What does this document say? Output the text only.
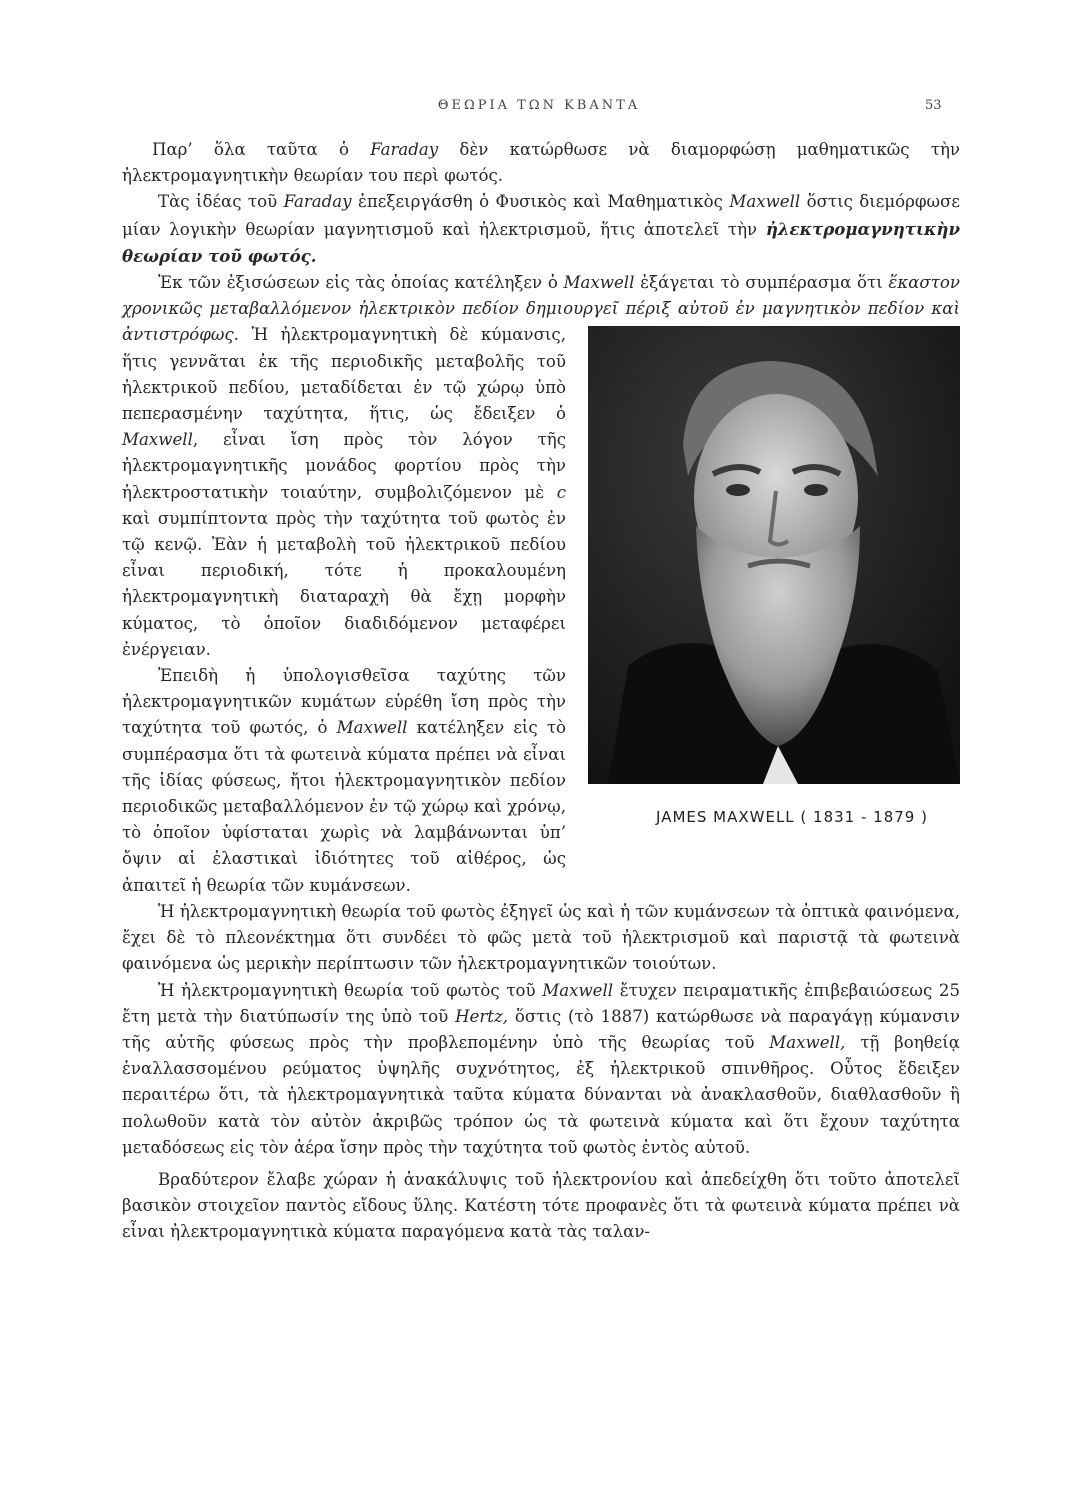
ΘΕΩΡΙΑ ΤΩΝ ΚΒΑΝΤΑ	53

Παρ’ ὅλα ταῦτα ὁ Faraday δὲν κατώρθωσε νὰ διαμορφώσῃ μαθηματικῶς τὴν ἠλεκτρομαγνητικὴν θεωρίαν του περὶ φωτός.

Τὰς ἰδέας τοῦ Faraday ἐπεξειργάσθη ὁ Φυσικὸς καὶ Μαθηματικὸς Maxwell ὅστις διεμόρφωσε μίαν λογικὴν θεωρίαν μαγνητισμοῦ καὶ ἠλεκτρισμοῦ, ἥτις ἀποτελεῖ τὴν ἠλεκτρομαγνητικὴν θεωρίαν τοῦ φωτός.

Ἐκ τῶν ἐξισώσεων εἰς τὰς ὁποίας κατέληξεν ὁ Maxwell ἐξάγεται τὸ συμπέρασμα ὅτι ἕκαστον χρονικῶς μεταβαλλόμενον ἠλεκτρικὸν πεδίον δημιουργεῖ πέριξ αὐτοῦ ἐν μαγνητικὸν πεδίον καὶ ἀντιστρόφως.
JAMES MAXWELL ( 1831 - 1879 )
Ἡ ἠλεκτρομαγνητικὴ δὲ κύμανσις, ἥτις γεννᾶται ἐκ τῆς περιοδικῆς μεταβολῆς τοῦ ἠλεκτρικοῦ πεδίου, μεταδίδεται ἐν τῷ χώρῳ ὑπὸ πεπερασμένην ταχύτητα, ἥτις, ὡς ἔδειξεν ὁ Maxwell, εἶναι ἴση πρὸς τὸν λόγον τῆς ἠλεκτρομαγνητικῆς μονάδος φορτίου πρὸς τὴν ἠλεκτροστατικὴν τοιαύτην, συμβολιζόμενον μὲ c καὶ συμπίπτοντα πρὸς τὴν ταχύτητα τοῦ φωτὸς ἐν τῷ κενῷ. Ἐὰν ἡ μεταβολὴ τοῦ ἠλεκτρικοῦ πεδίου εἶναι περιοδική, τότε ἡ προκαλουμένη ἠλεκτρομαγνητικὴ διαταραχὴ θὰ ἔχῃ μορφὴν κύματος, τὸ ὁποῖον διαδιδόμενον μεταφέρει ἐνέργειαν.

Ἐπειδὴ ἡ ὑπολογισθεῖσα ταχύτης τῶν ἠλεκτρομαγνητικῶν κυμάτων εὑρέθη ἴση πρὸς τὴν ταχύτητα τοῦ φωτός, ὁ Maxwell κατέληξεν εἰς τὸ συμπέρασμα ὅτι τὰ φωτεινὰ κύματα πρέπει νὰ εἶναι τῆς ἰδίας φύσεως, ἤτοι ἠλεκτρομαγνητικὸν πεδίον περιοδικῶς μεταβαλλόμενον ἐν τῷ χώρῳ καὶ χρόνῳ, τὸ ὁποῖον ὑφίσταται χωρὶς νὰ λαμβάνωνται ὑπ’ ὄψιν αἱ ἐλαστικαὶ ἰδιότητες τοῦ αἰθέρος, ὡς ἀπαιτεῖ ἡ θεωρία τῶν κυμάνσεων.

Ἡ ἠλεκτρομαγνητικὴ θεωρία τοῦ φωτὸς ἐξηγεῖ ὡς καὶ ἡ τῶν κυμάνσεων τὰ ὀπτικὰ φαινόμενα, ἔχει δὲ τὸ πλεονέκτημα ὅτι συνδέει τὸ φῶς μετὰ τοῦ ἠλεκτρισμοῦ καὶ παριστᾷ τὰ φωτεινὰ φαινόμενα ὡς μερικὴν περίπτωσιν τῶν ἠλεκτρομαγνητικῶν τοιούτων.

Ἡ ἠλεκτρομαγνητικὴ θεωρία τοῦ φωτὸς τοῦ Maxwell ἔτυχεν πειραματικῆς ἐπιβεβαιώσεως 25 ἔτη μετὰ τὴν διατύπωσίν της ὑπὸ τοῦ Hertz, ὅστις (τὸ 1887) κατώρθωσε νὰ παραγάγῃ κύμανσιν τῆς αὐτῆς φύσεως πρὸς τὴν προβλεπομένην ὑπὸ τῆς θεωρίας τοῦ Maxwell, τῇ βοηθείᾳ ἐναλλασσομένου ρεύματος ὑψηλῆς συχνότητος, ἐξ ἠλεκτρικοῦ σπινθῆρος. Οὗτος ἔδειξεν περαιτέρω ὅτι, τὰ ἠλεκτρομαγνητικὰ ταῦτα κύματα δύνανται νὰ ἀνακλασθοῦν, διαθλασθοῦν ἢ πολωθοῦν κατὰ τὸν αὐτὸν ἀκριβῶς τρόπον ὡς τὰ φωτεινὰ κύματα καὶ ὅτι ἔχουν ταχύτητα μεταδόσεως εἰς τὸν ἀέρα ἴσην πρὸς τὴν ταχύτητα τοῦ φωτὸς ἐντὸς αὐτοῦ.

Βραδύτερον ἔλαβε χώραν ἡ ἀνακάλυψις τοῦ ἠλεκτρονίου καὶ ἀπεδείχθη ὅτι τοῦτο ἀποτελεῖ βασικὸν στοιχεῖον παντὸς εἴδους ὕλης. Κατέστη τότε προφανὲς ὅτι τὰ φωτεινὰ κύματα πρέπει νὰ εἶναι ἠλεκτρομαγνητικὰ κύματα παραγόμενα κατὰ τὰς ταλαν-
